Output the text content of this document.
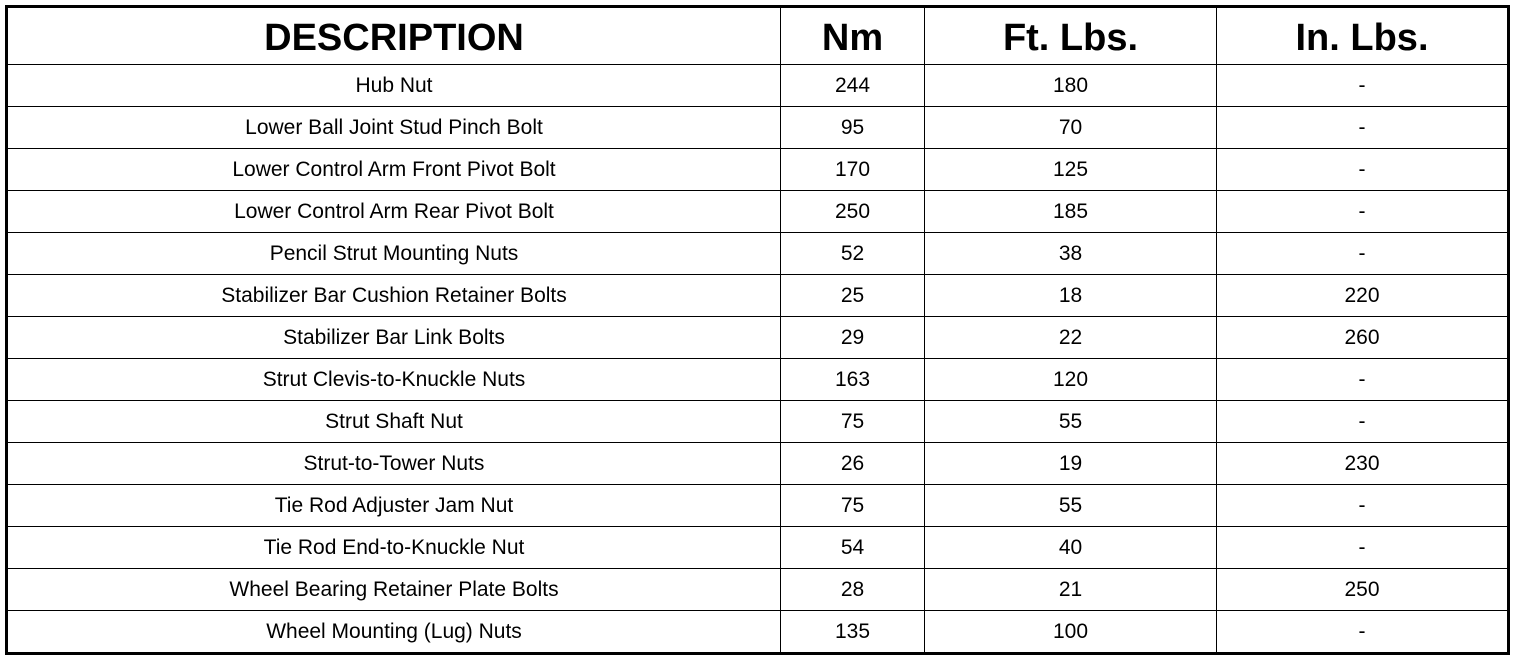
DESCRIPTION	Nm	Ft. Lbs.	In. Lbs.
Hub Nut	244	180	-
Lower Ball Joint Stud Pinch Bolt	95	70	-
Lower Control Arm Front Pivot Bolt	170	125	-
Lower Control Arm Rear Pivot Bolt	250	185	-
Pencil Strut Mounting Nuts	52	38	-
Stabilizer Bar Cushion Retainer Bolts	25	18	220
Stabilizer Bar Link Bolts	29	22	260
Strut Clevis-to-Knuckle Nuts	163	120	-
Strut Shaft Nut	75	55	-
Strut-to-Tower Nuts	26	19	230
Tie Rod Adjuster Jam Nut	75	55	-
Tie Rod End-to-Knuckle Nut	54	40	-
Wheel Bearing Retainer Plate Bolts	28	21	250
Wheel Mounting (Lug) Nuts	135	100	-
